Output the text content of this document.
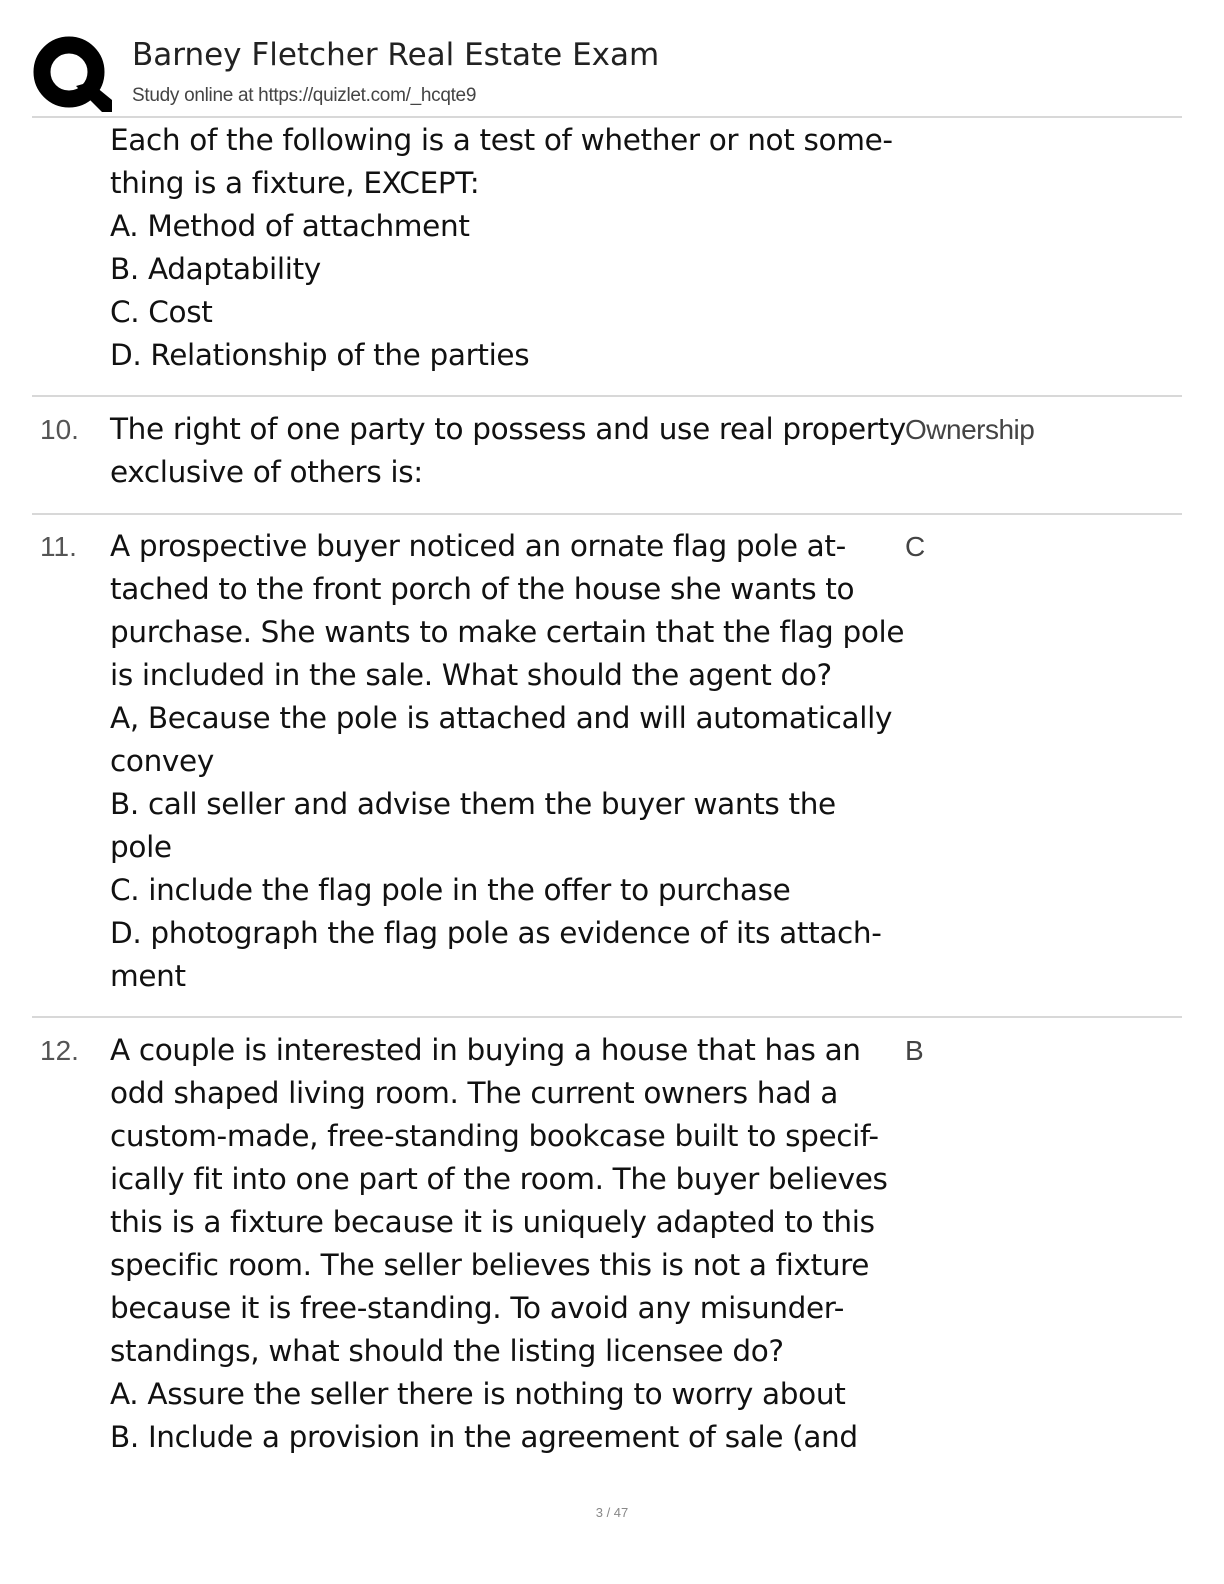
Barney Fletcher Real Estate Exam
Study online at https://quizlet.com/_hcqte9
Each of the following is a test of whether or not some-
thing is a fixture, EXCEPT:
A. Method of attachment
B. Adaptability
C. Cost
D. Relationship of the parties
10. The right of one party to possess and use real property
exclusive of others is:
Ownership
11. A prospective buyer noticed an ornate flag pole at-
tached to the front porch of the house she wants to
purchase. She wants to make certain that the flag pole
is included in the sale. What should the agent do?
A, Because the pole is attached and will automatically
convey
B. call seller and advise them the buyer wants the
pole
C. include the flag pole in the offer to purchase
D. photograph the flag pole as evidence of its attach-
ment
C
12. A couple is interested in buying a house that has an
odd shaped living room. The current owners had a
custom-made, free-standing bookcase built to specif-
ically fit into one part of the room. The buyer believes
this is a fixture because it is uniquely adapted to this
specific room. The seller believes this is not a fixture
because it is free-standing. To avoid any misunder-
standings, what should the listing licensee do?
A. Assure the seller there is nothing to worry about
B. Include a provision in the agreement of sale (and
B
3 / 47
